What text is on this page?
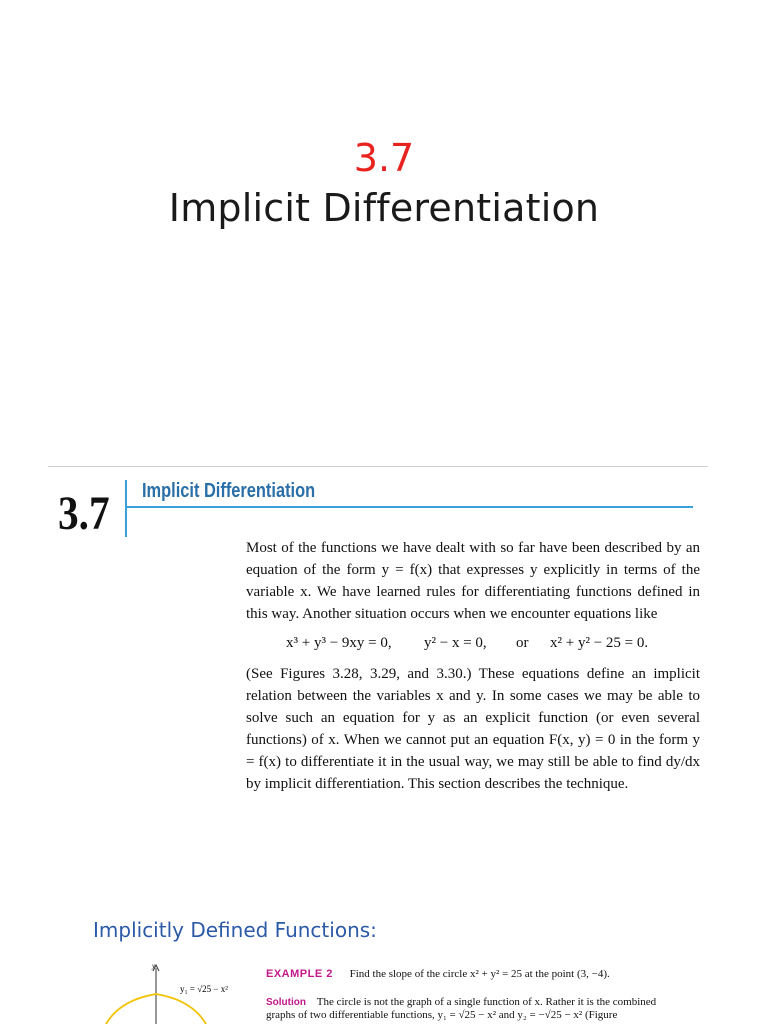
3.7
Implicit Differentiation
3.7 Implicit Differentiation
Most of the functions we have dealt with so far have been described by an equation of the form y = f(x) that expresses y explicitly in terms of the variable x. We have learned rules for differentiating functions defined in this way. Another situation occurs when we encounter equations like
x³ + y³ − 9xy = 0, y² − x = 0, or x² + y² − 25 = 0.
(See Figures 3.28, 3.29, and 3.30.) These equations define an implicit relation between the variables x and y. In some cases we may be able to solve such an equation for y as an explicit function (or even several functions) of x. When we cannot put an equation F(x, y) = 0 in the form y = f(x) to differentiate it in the usual way, we may still be able to find dy/dx by implicit differentiation. This section describes the technique.
Implicitly Defined Functions:
y
y₁ = √25 − x²
EXAMPLE 2 Find the slope of the circle x² + y² = 25 at the point (3, −4).
Solution The circle is not the graph of a single function of x. Rather it is the combined
graphs of two differentiable functions, y₁ = √25 − x² and y₂ = −√25 − x² (Figure
